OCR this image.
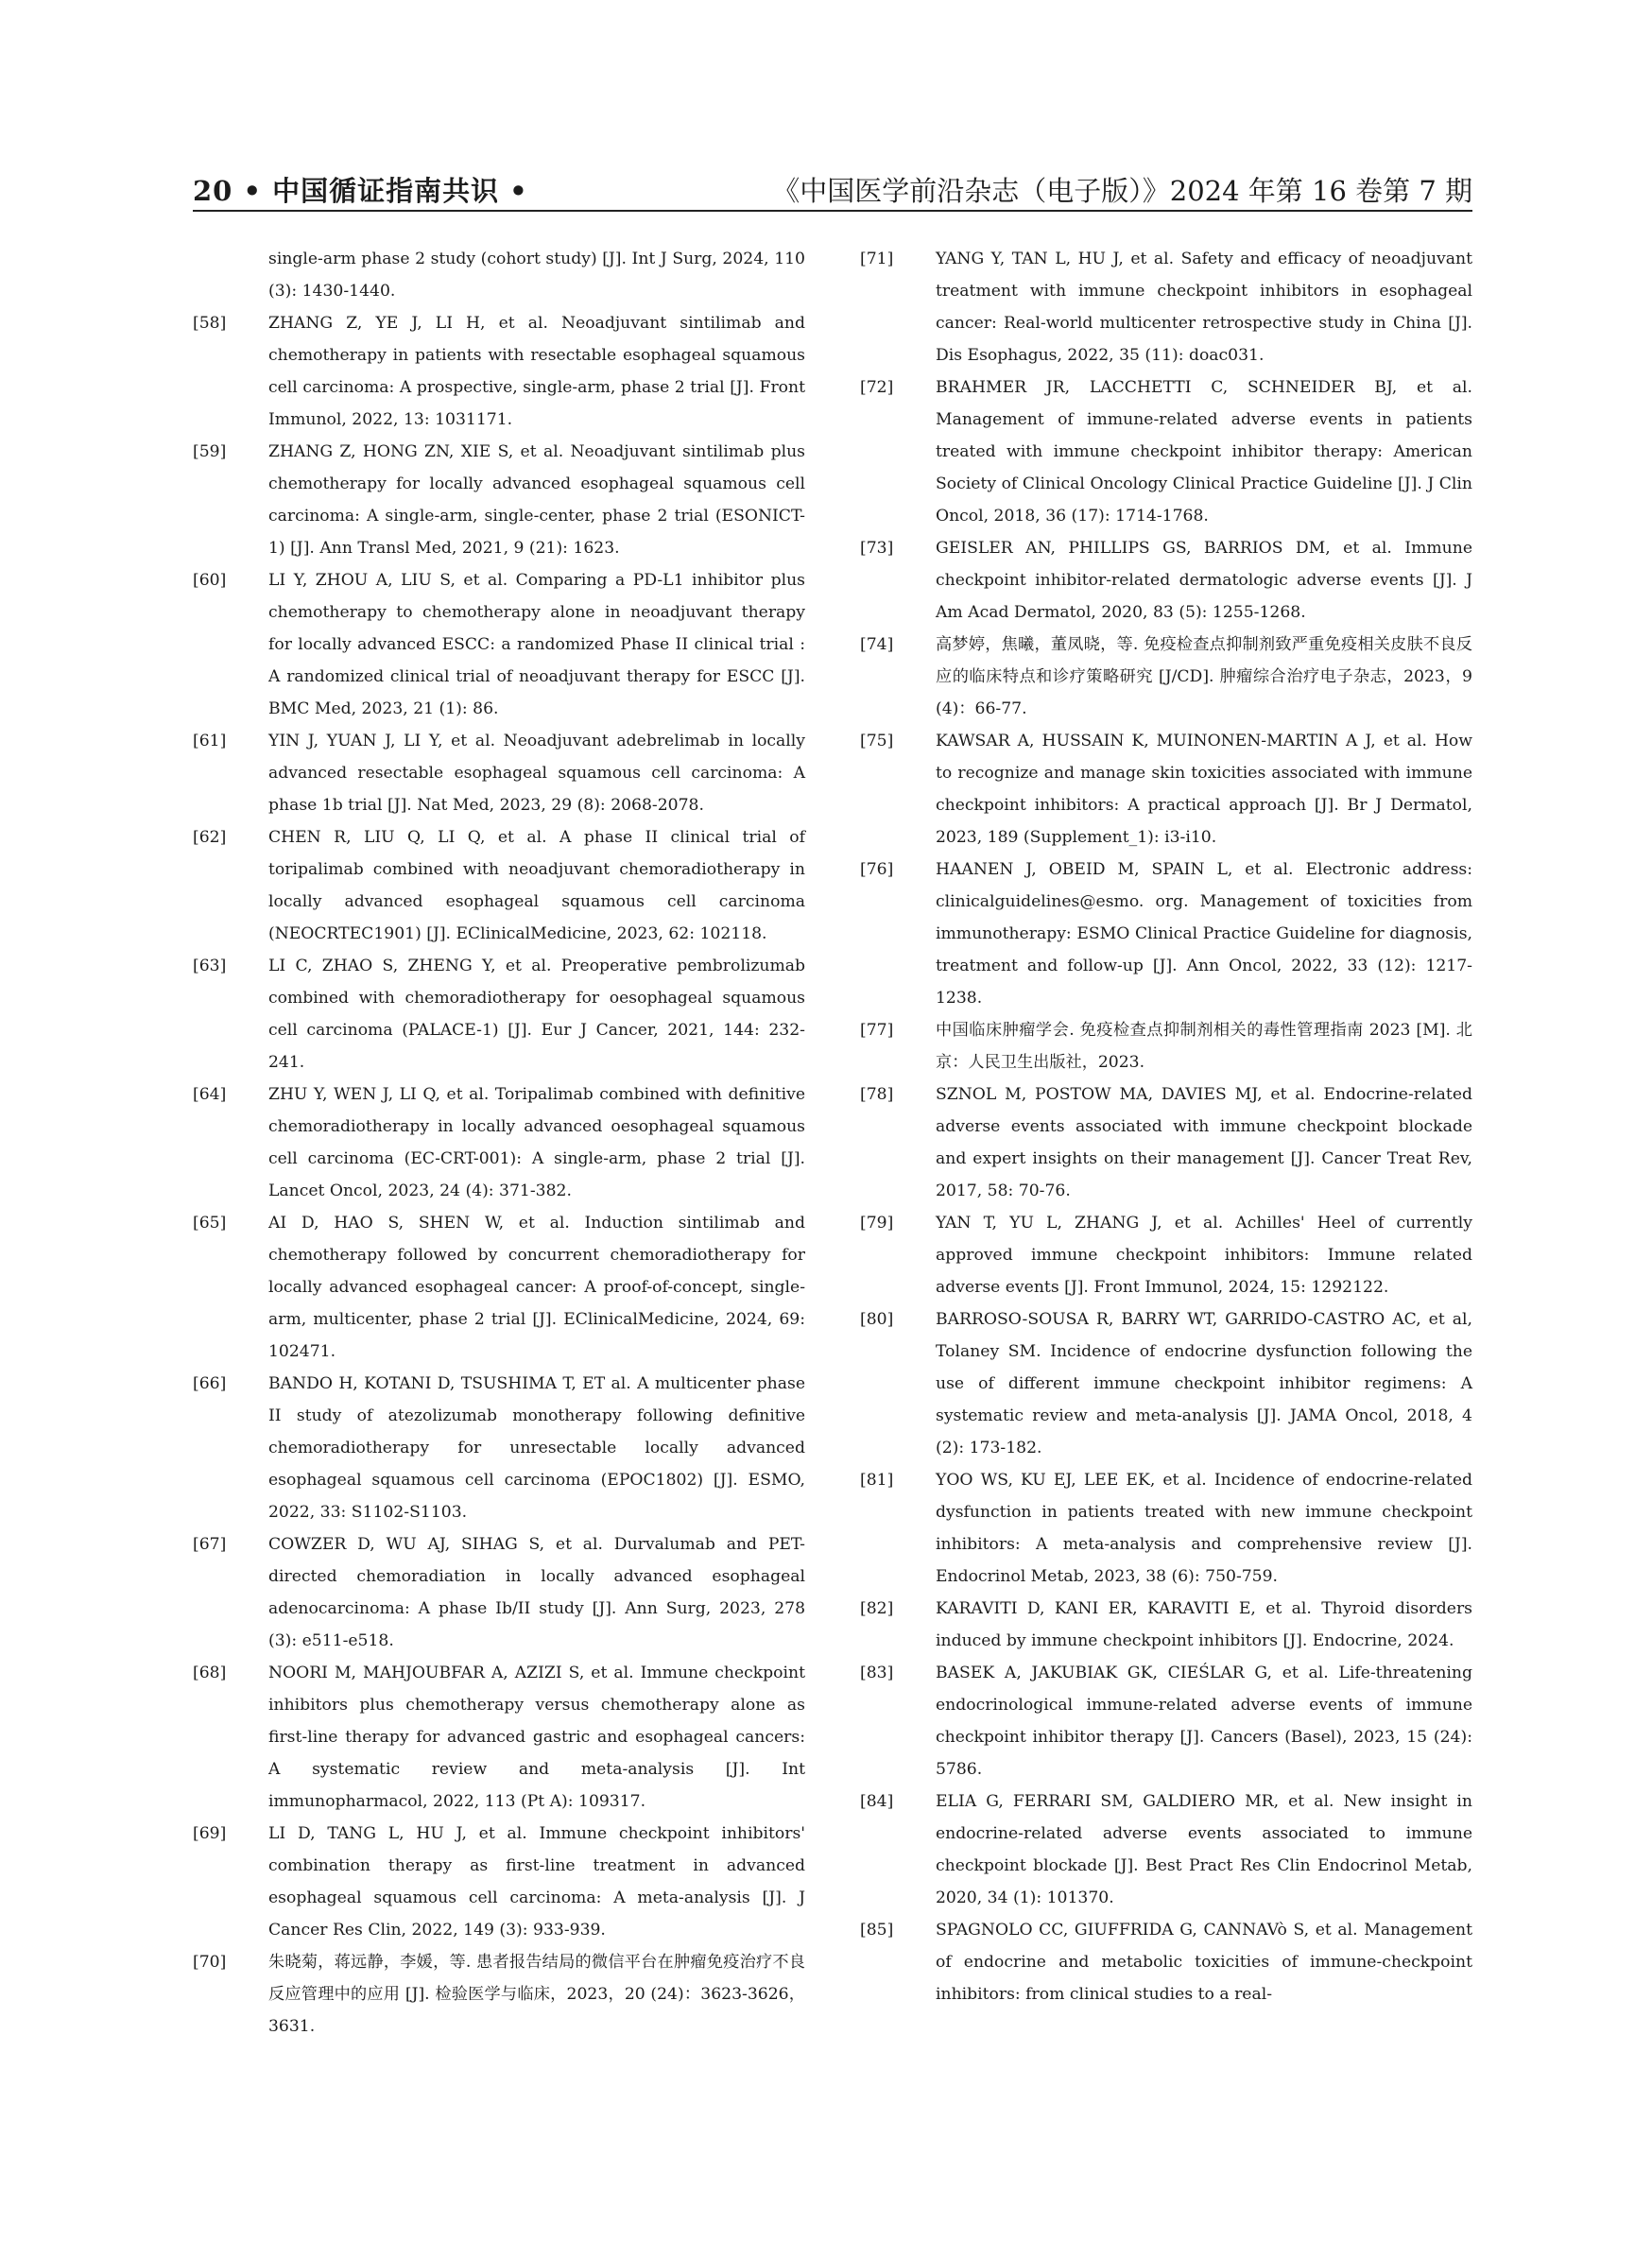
20 • 中国循证指南共识 •	《中国医学前沿杂志（电子版）》2024 年第 16 卷第 7 期
single-arm phase 2 study (cohort study) [J]. Int J Surg, 2024, 110 (3): 1430-1440.
[58]	ZHANG Z, YE J, LI H, et al. Neoadjuvant sintilimab and chemotherapy in patients with resectable esophageal squamous cell carcinoma: A prospective, single-arm, phase 2 trial [J]. Front Immunol, 2022, 13: 1031171.
[59]	ZHANG Z, HONG ZN, XIE S, et al. Neoadjuvant sintilimab plus chemotherapy for locally advanced esophageal squamous cell carcinoma: A single-arm, single-center, phase 2 trial (ESONICT-1) [J]. Ann Transl Med, 2021, 9 (21): 1623.
[60]	LI Y, ZHOU A, LIU S, et al. Comparing a PD-L1 inhibitor plus chemotherapy to chemotherapy alone in neoadjuvant therapy for locally advanced ESCC: a randomized Phase II clinical trial : A randomized clinical trial of neoadjuvant therapy for ESCC [J]. BMC Med, 2023, 21 (1): 86.
[61]	YIN J, YUAN J, LI Y, et al. Neoadjuvant adebrelimab in locally advanced resectable esophageal squamous cell carcinoma: A phase 1b trial [J]. Nat Med, 2023, 29 (8): 2068-2078.
[62]	CHEN R, LIU Q, LI Q, et al. A phase II clinical trial of toripalimab combined with neoadjuvant chemoradiotherapy in locally advanced esophageal squamous cell carcinoma (NEOCRTEC1901) [J]. EClinicalMedicine, 2023, 62: 102118.
[63]	LI C, ZHAO S, ZHENG Y, et al. Preoperative pembrolizumab combined with chemoradiotherapy for oesophageal squamous cell carcinoma (PALACE-1) [J]. Eur J Cancer, 2021, 144: 232-241.
[64]	ZHU Y, WEN J, LI Q, et al. Toripalimab combined with definitive chemoradiotherapy in locally advanced oesophageal squamous cell carcinoma (EC-CRT-001): A single-arm, phase 2 trial [J]. Lancet Oncol, 2023, 24 (4): 371-382.
[65]	AI D, HAO S, SHEN W, et al. Induction sintilimab and chemotherapy followed by concurrent chemoradiotherapy for locally advanced esophageal cancer: A proof-of-concept, single-arm, multicenter, phase 2 trial [J]. EClinicalMedicine, 2024, 69: 102471.
[66]	BANDO H, KOTANI D, TSUSHIMA T, ET al. A multicenter phase II study of atezolizumab monotherapy following definitive chemoradiotherapy for unresectable locally advanced esophageal squamous cell carcinoma (EPOC1802) [J]. ESMO, 2022, 33: S1102-S1103.
[67]	COWZER D, WU AJ, SIHAG S, et al. Durvalumab and PET-directed chemoradiation in locally advanced esophageal adenocarcinoma: A phase Ib/II study [J]. Ann Surg, 2023, 278 (3): e511-e518.
[68]	NOORI M, MAHJOUBFAR A, AZIZI S, et al. Immune checkpoint inhibitors plus chemotherapy versus chemotherapy alone as first-line therapy for advanced gastric and esophageal cancers: A systematic review and meta-analysis [J]. Int immunopharmacol, 2022, 113 (Pt A): 109317.
[69]	LI D, TANG L, HU J, et al. Immune checkpoint inhibitors' combination therapy as first-line treatment in advanced esophageal squamous cell carcinoma: A meta-analysis [J]. J Cancer Res Clin, 2022, 149 (3): 933-939.
[70]	朱晓菊，蒋远静，李媛，等. 患者报告结局的微信平台在肿瘤免疫治疗不良反应管理中的应用 [J]. 检验医学与临床，2023，20 (24)：3623-3626，3631.
[71]	YANG Y, TAN L, HU J, et al. Safety and efficacy of neoadjuvant treatment with immune checkpoint inhibitors in esophageal cancer: Real-world multicenter retrospective study in China [J]. Dis Esophagus, 2022, 35 (11): doac031.
[72]	BRAHMER JR, LACCHETTI C, SCHNEIDER BJ, et al. Management of immune-related adverse events in patients treated with immune checkpoint inhibitor therapy: American Society of Clinical Oncology Clinical Practice Guideline [J]. J Clin Oncol, 2018, 36 (17): 1714-1768.
[73]	GEISLER AN, PHILLIPS GS, BARRIOS DM, et al. Immune checkpoint inhibitor-related dermatologic adverse events [J]. J Am Acad Dermatol, 2020, 83 (5): 1255-1268.
[74]	高梦婷，焦曦，董凤晓，等. 免疫检查点抑制剂致严重免疫相关皮肤不良反应的临床特点和诊疗策略研究 [J/CD]. 肿瘤综合治疗电子杂志，2023，9 (4)：66-77.
[75]	KAWSAR A, HUSSAIN K, MUINONEN-MARTIN A J, et al. How to recognize and manage skin toxicities associated with immune checkpoint inhibitors: A practical approach [J]. Br J Dermatol, 2023, 189 (Supplement_1): i3-i10.
[76]	HAANEN J, OBEID M, SPAIN L, et al. Electronic address: clinicalguidelines@esmo. org. Management of toxicities from immunotherapy: ESMO Clinical Practice Guideline for diagnosis, treatment and follow-up [J]. Ann Oncol, 2022, 33 (12): 1217-1238.
[77]	中国临床肿瘤学会. 免疫检查点抑制剂相关的毒性管理指南 2023 [M]. 北京：人民卫生出版社，2023.
[78]	SZNOL M, POSTOW MA, DAVIES MJ, et al. Endocrine-related adverse events associated with immune checkpoint blockade and expert insights on their management [J]. Cancer Treat Rev, 2017, 58: 70-76.
[79]	YAN T, YU L, ZHANG J, et al. Achilles' Heel of currently approved immune checkpoint inhibitors: Immune related adverse events [J]. Front Immunol, 2024, 15: 1292122.
[80]	BARROSO-SOUSA R, BARRY WT, GARRIDO-CASTRO AC, et al, Tolaney SM. Incidence of endocrine dysfunction following the use of different immune checkpoint inhibitor regimens: A systematic review and meta-analysis [J]. JAMA Oncol, 2018, 4 (2): 173-182.
[81]	YOO WS, KU EJ, LEE EK, et al. Incidence of endocrine-related dysfunction in patients treated with new immune checkpoint inhibitors: A meta-analysis and comprehensive review [J]. Endocrinol Metab, 2023, 38 (6): 750-759.
[82]	KARAVITI D, KANI ER, KARAVITI E, et al. Thyroid disorders induced by immune checkpoint inhibitors [J]. Endocrine, 2024.
[83]	BASEK A, JAKUBIAK GK, CIEŚLAR G, et al. Life-threatening endocrinological immune-related adverse events of immune checkpoint inhibitor therapy [J]. Cancers (Basel), 2023, 15 (24): 5786.
[84]	ELIA G, FERRARI SM, GALDIERO MR, et al. New insight in endocrine-related adverse events associated to immune checkpoint blockade [J]. Best Pract Res Clin Endocrinol Metab, 2020, 34 (1): 101370.
[85]	SPAGNOLO CC, GIUFFRIDA G, CANNAVò S, et al. Management of endocrine and metabolic toxicities of immune-checkpoint inhibitors: from clinical studies to a real-
